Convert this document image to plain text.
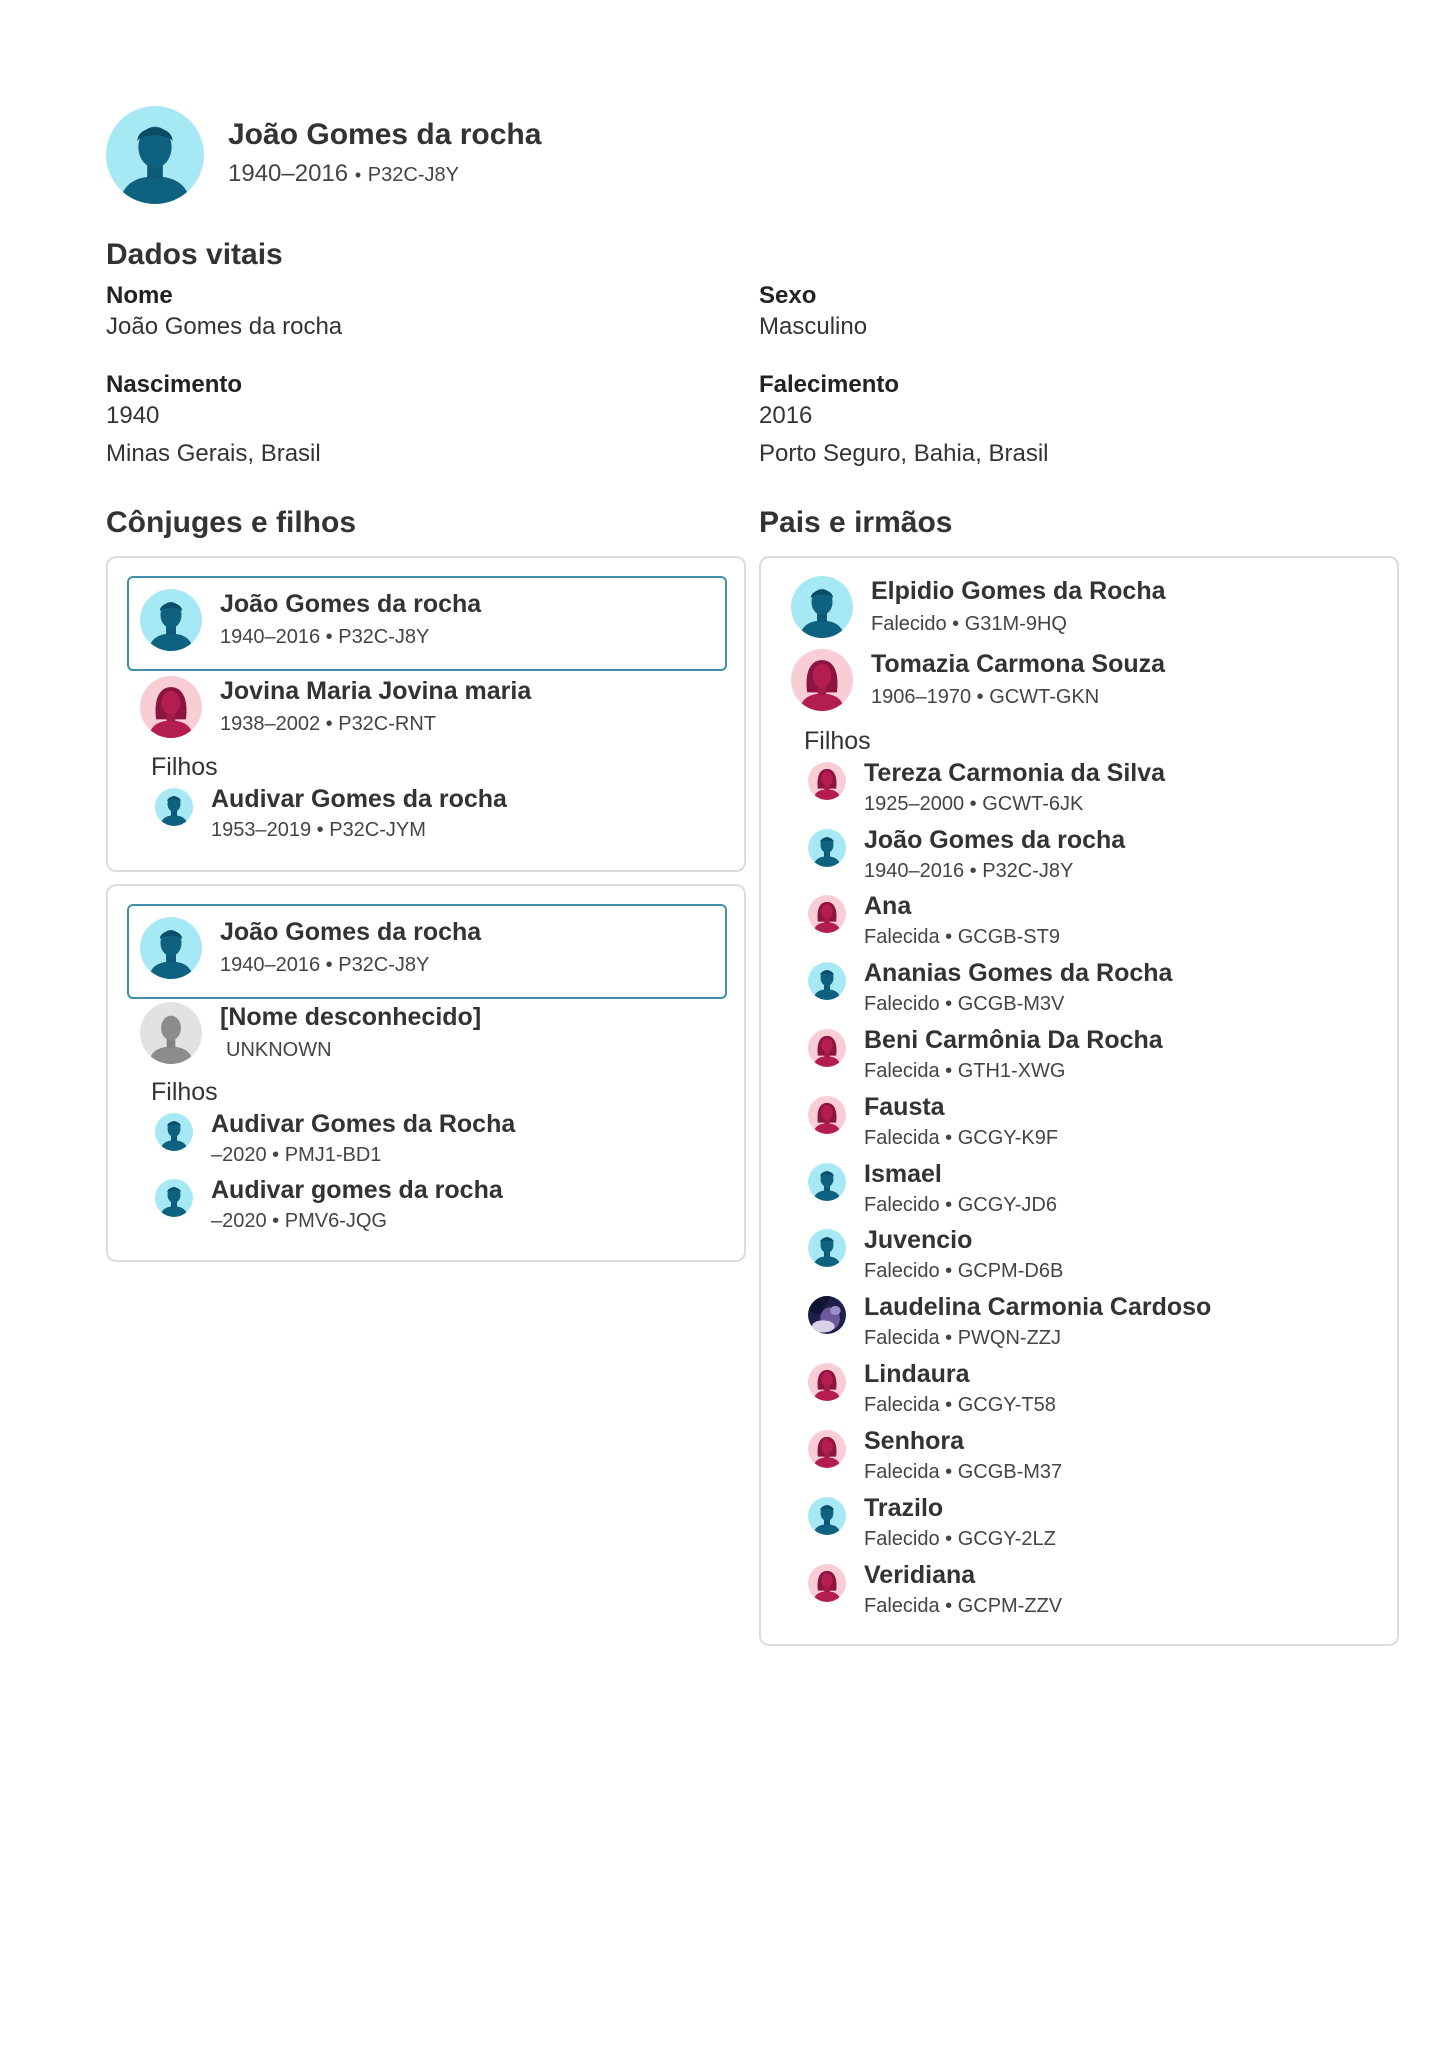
João Gomes da rocha
1940–2016 • P32C-J8Y
Dados vitais
Nome
João Gomes da rocha
Sexo
Masculino
Nascimento
1940
Minas Gerais, Brasil
Falecimento
2016
Porto Seguro, Bahia, Brasil
Cônjuges e filhos
João Gomes da rocha
1940–2016 • P32C-J8Y
Jovina Maria Jovina maria
1938–2002 • P32C-RNT
Filhos
Audivar Gomes da rocha
1953–2019 • P32C-JYM
João Gomes da rocha
1940–2016 • P32C-J8Y
[Nome desconhecido]
UNKNOWN
Filhos
Audivar Gomes da Rocha
–2020 • PMJ1-BD1
Audivar gomes da rocha
–2020 • PMV6-JQG
Pais e irmãos
Elpidio Gomes da Rocha
Falecido • G31M-9HQ
Tomazia Carmona Souza
1906–1970 • GCWT-GKN
Filhos
Tereza Carmonia da Silva
1925–2000 • GCWT-6JK
João Gomes da rocha
1940–2016 • P32C-J8Y
Ana
Falecida • GCGB-ST9
Ananias Gomes da Rocha
Falecido • GCGB-M3V
Beni Carmônia Da Rocha
Falecida • GTH1-XWG
Fausta
Falecida • GCGY-K9F
Ismael
Falecido • GCGY-JD6
Juvencio
Falecido • GCPM-D6B
Laudelina Carmonia Cardoso
Falecida • PWQN-ZZJ
Lindaura
Falecida • GCGY-T58
Senhora
Falecida • GCGB-M37
Trazilo
Falecido • GCGY-2LZ
Veridiana
Falecida • GCPM-ZZV
